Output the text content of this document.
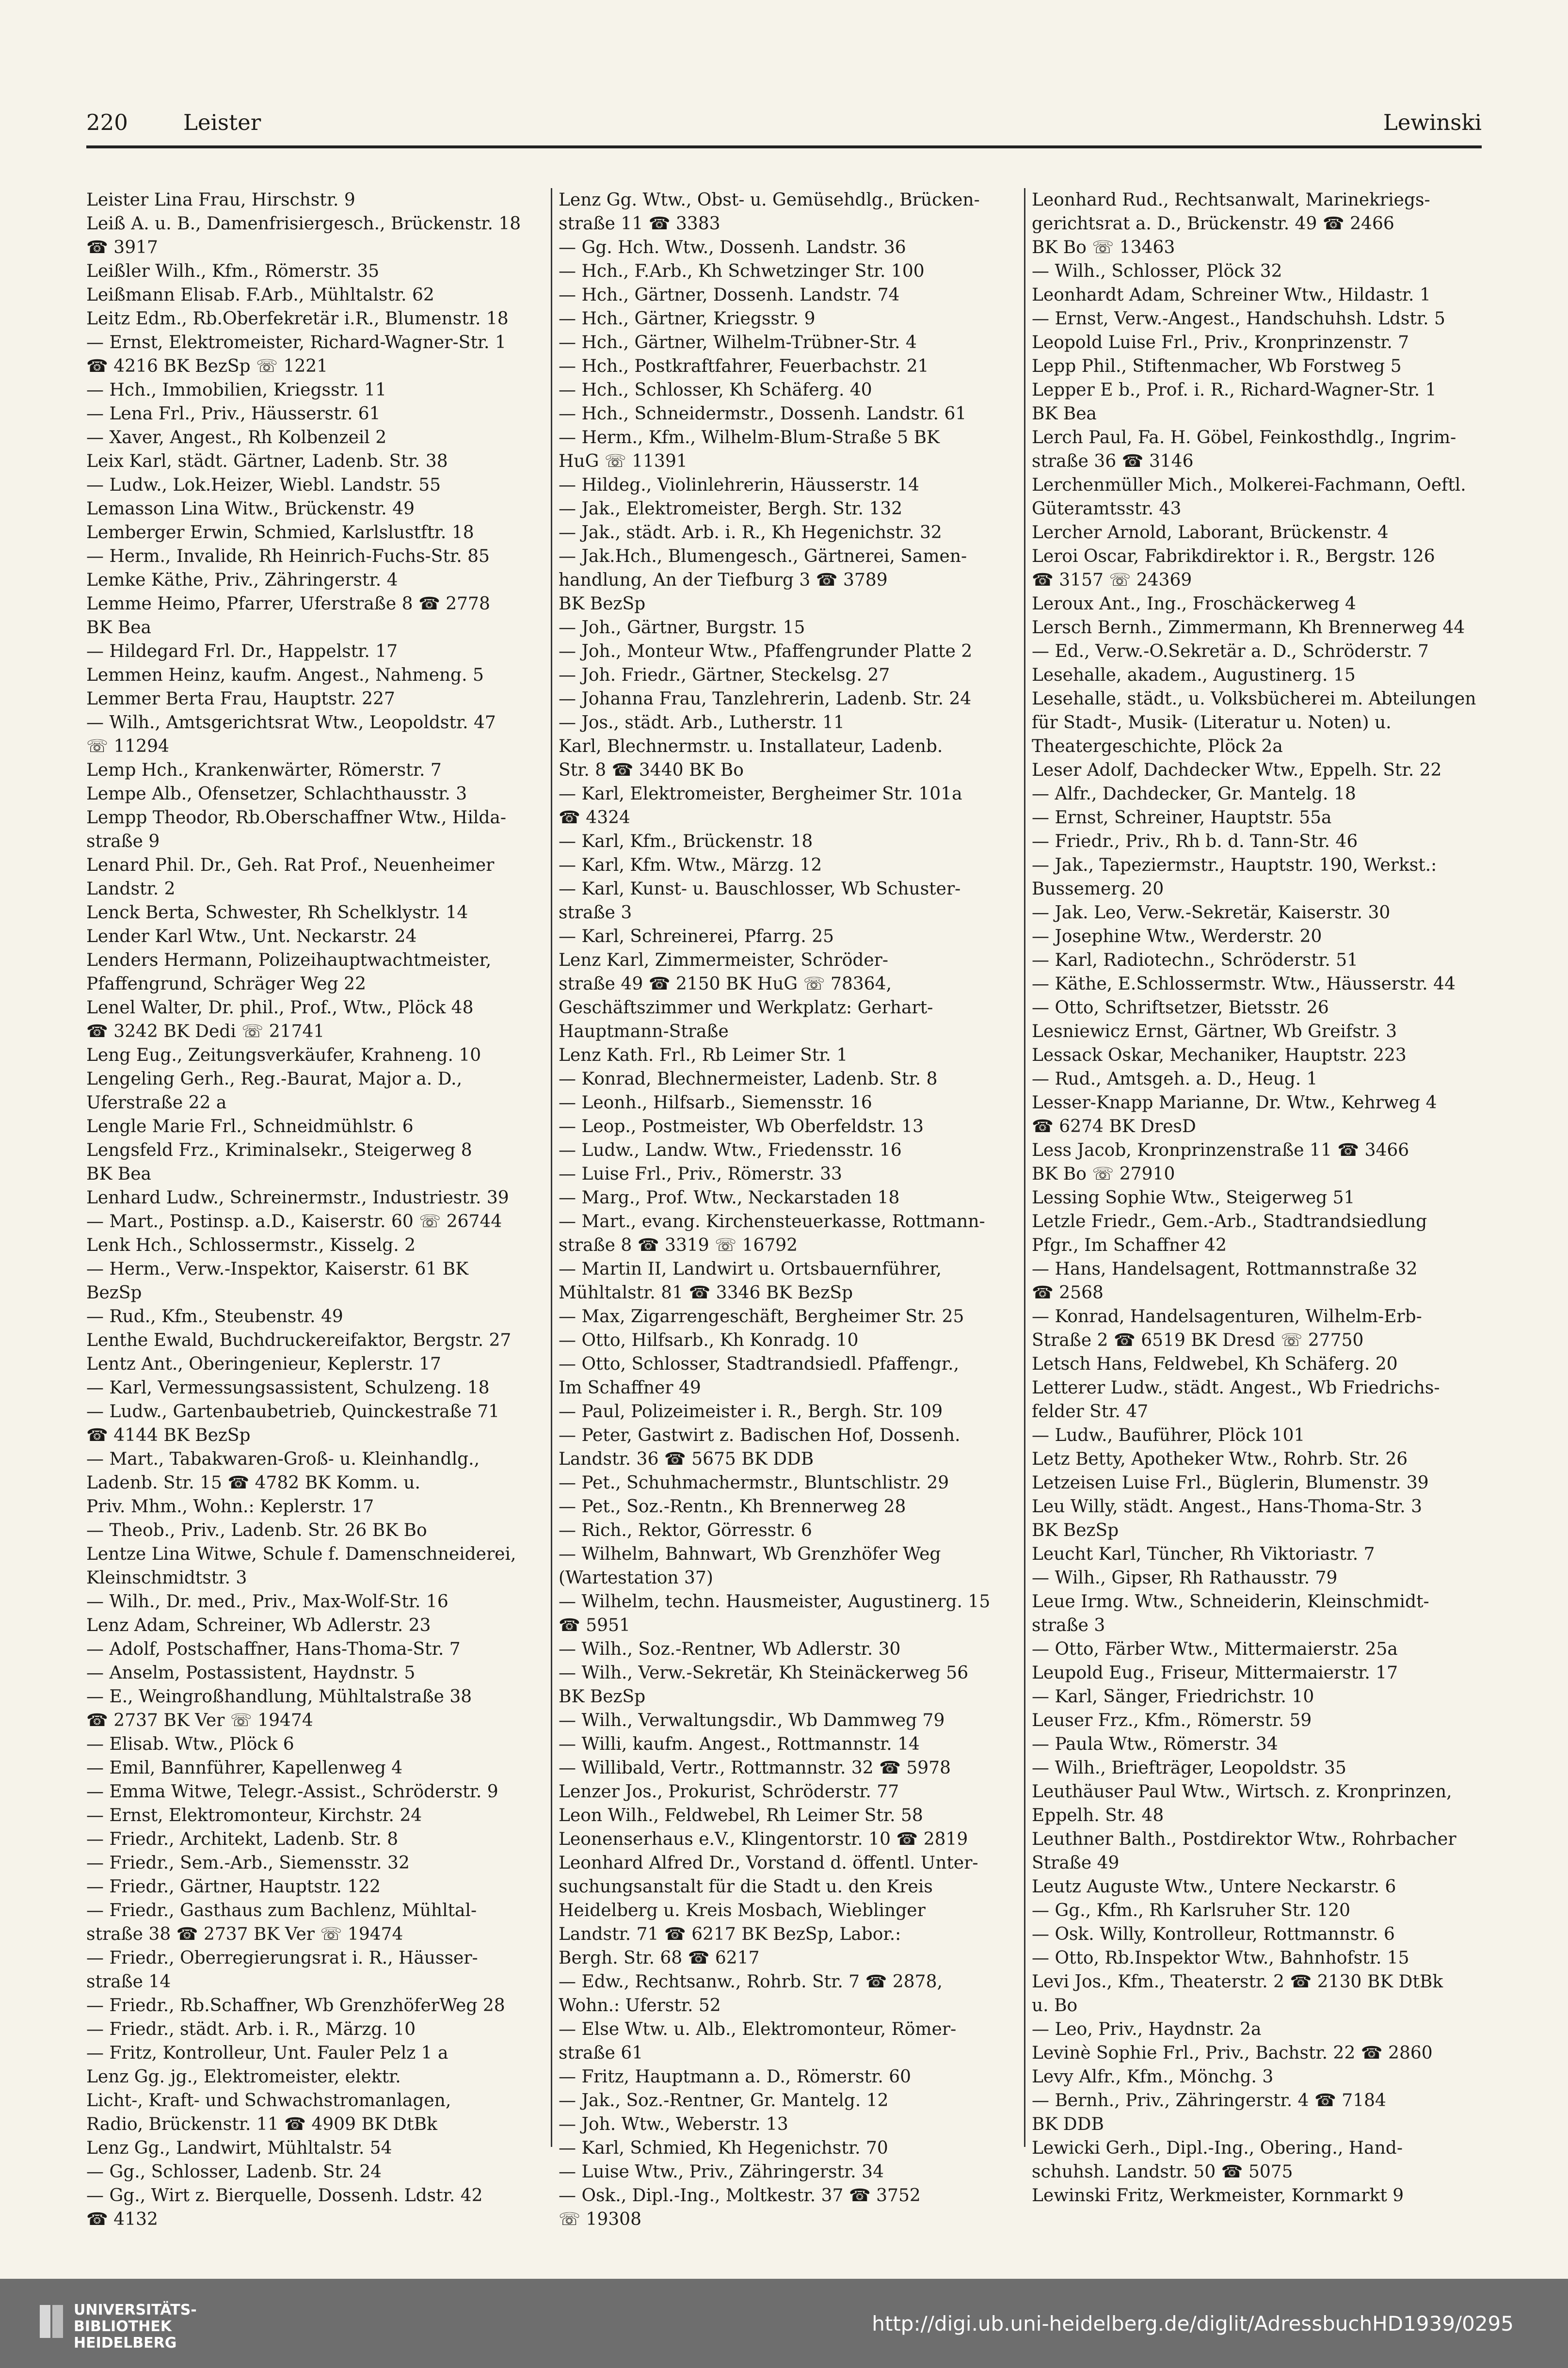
220	Leister	Lewinski
Leister Lina Frau, Hirschstr. 9
Leiß A. u. B., Damenfrisiergesch., Brückenstr. 18
☎ 3917
Leißler Wilh., Kfm., Römerstr. 35
Leißmann Elisab. F.Arb., Mühltalstr. 62
Leitz Edm., Rb.Oberfekretär i.R., Blumenstr. 18
— Ernst, Elektromeister, Richard-Wagner-Str. 1
☎ 4216 BK BezSp ☏ 1221
— Hch., Immobilien, Kriegsstr. 11
— Lena Frl., Priv., Häusserstr. 61
— Xaver, Angest., Rh Kolbenzeil 2
Leix Karl, städt. Gärtner, Ladenb. Str. 38
— Ludw., Lok.Heizer, Wiebl. Landstr. 55
Lemasson Lina Witw., Brückenstr. 49
Lemberger Erwin, Schmied, Karlslustftr. 18
— Herm., Invalide, Rh Heinrich-Fuchs-Str. 85
Lemke Käthe, Priv., Zähringerstr. 4
Lemme Heimo, Pfarrer, Uferstraße 8 ☎ 2778
BK Bea
— Hildegard Frl. Dr., Happelstr. 17
Lemmen Heinz, kaufm. Angest., Nahmeng. 5
Lemmer Berta Frau, Hauptstr. 227
— Wilh., Amtsgerichtsrat Wtw., Leopoldstr. 47
☏ 11294
Lemp Hch., Krankenwärter, Römerstr. 7
Lempe Alb., Ofensetzer, Schlachthausstr. 3
Lempp Theodor, Rb.Oberschaffner Wtw., Hilda-
straße 9
Lenard Phil. Dr., Geh. Rat Prof., Neuenheimer
Landstr. 2
Lenck Berta, Schwester, Rh Schelklystr. 14
Lender Karl Wtw., Unt. Neckarstr. 24
Lenders Hermann, Polizeihauptwachtmeister,
Pfaffengrund, Schräger Weg 22
Lenel Walter, Dr. phil., Prof., Wtw., Plöck 48
☎ 3242 BK Dedi ☏ 21741
Leng Eug., Zeitungsverkäufer, Krahneng. 10
Lengeling Gerh., Reg.-Baurat, Major a. D.,
Uferstraße 22 a
Lengle Marie Frl., Schneidmühlstr. 6
Lengsfeld Frz., Kriminalsekr., Steigerweg 8
BK Bea
Lenhard Ludw., Schreinermstr., Industriestr. 39
— Mart., Postinsp. a.D., Kaiserstr. 60 ☏ 26744
Lenk Hch., Schlossermstr., Kisselg. 2
— Herm., Verw.-Inspektor, Kaiserstr. 61 BK
BezSp
— Rud., Kfm., Steubenstr. 49
Lenthe Ewald, Buchdruckereifaktor, Bergstr. 27
Lentz Ant., Oberingenieur, Keplerstr. 17
— Karl, Vermessungsassistent, Schulzeng. 18
— Ludw., Gartenbaubetrieb, Quinckestraße 71
☎ 4144 BK BezSp
— Mart., Tabakwaren-Groß- u. Kleinhandlg.,
Ladenb. Str. 15 ☎ 4782 BK Komm. u.
Priv. Mhm., Wohn.: Keplerstr. 17
— Theob., Priv., Ladenb. Str. 26 BK Bo
Lentze Lina Witwe, Schule f. Damenschneiderei,
Kleinschmidtstr. 3
— Wilh., Dr. med., Priv., Max-Wolf-Str. 16
Lenz Adam, Schreiner, Wb Adlerstr. 23
— Adolf, Postschaffner, Hans-Thoma-Str. 7
— Anselm, Postassistent, Haydnstr. 5
— E., Weingroßhandlung, Mühltalstraße 38
☎ 2737 BK Ver ☏ 19474
— Elisab. Wtw., Plöck 6
— Emil, Bannführer, Kapellenweg 4
— Emma Witwe, Telegr.-Assist., Schröderstr. 9
— Ernst, Elektromonteur, Kirchstr. 24
— Friedr., Architekt, Ladenb. Str. 8
— Friedr., Sem.-Arb., Siemensstr. 32
— Friedr., Gärtner, Hauptstr. 122
— Friedr., Gasthaus zum Bachlenz, Mühltal-
straße 38 ☎ 2737 BK Ver ☏ 19474
— Friedr., Oberregierungsrat i. R., Häusser-
straße 14
— Friedr., Rb.Schaffner, Wb GrenzhöferWeg 28
— Friedr., städt. Arb. i. R., Märzg. 10
— Fritz, Kontrolleur, Unt. Fauler Pelz 1 a
Lenz Gg. jg., Elektromeister, elektr.
Licht-, Kraft- und Schwachstromanlagen,
Radio, Brückenstr. 11 ☎ 4909 BK DtBk
Lenz Gg., Landwirt, Mühltalstr. 54
— Gg., Schlosser, Ladenb. Str. 24
— Gg., Wirt z. Bierquelle, Dossenh. Ldstr. 42
☎ 4132
Lenz Gg. Wtw., Obst- u. Gemüsehdlg., Brücken-
straße 11 ☎ 3383
— Gg. Hch. Wtw., Dossenh. Landstr. 36
— Hch., F.Arb., Kh Schwetzinger Str. 100
— Hch., Gärtner, Dossenh. Landstr. 74
— Hch., Gärtner, Kriegsstr. 9
— Hch., Gärtner, Wilhelm-Trübner-Str. 4
— Hch., Postkraftfahrer, Feuerbachstr. 21
— Hch., Schlosser, Kh Schäferg. 40
— Hch., Schneidermstr., Dossenh. Landstr. 61
— Herm., Kfm., Wilhelm-Blum-Straße 5 BK
HuG ☏ 11391
— Hildeg., Violinlehrerin, Häusserstr. 14
— Jak., Elektromeister, Bergh. Str. 132
— Jak., städt. Arb. i. R., Kh Hegenichstr. 32
— Jak.Hch., Blumengesch., Gärtnerei, Samen-
handlung, An der Tiefburg 3 ☎ 3789
BK BezSp
— Joh., Gärtner, Burgstr. 15
— Joh., Monteur Wtw., Pfaffengrunder Platte 2
— Joh. Friedr., Gärtner, Steckelsg. 27
— Johanna Frau, Tanzlehrerin, Ladenb. Str. 24
— Jos., städt. Arb., Lutherstr. 11
Karl, Blechnermstr. u. Installateur, Ladenb.
Str. 8 ☎ 3440 BK Bo
— Karl, Elektromeister, Bergheimer Str. 101a
☎ 4324
— Karl, Kfm., Brückenstr. 18
— Karl, Kfm. Wtw., Märzg. 12
— Karl, Kunst- u. Bauschlosser, Wb Schuster-
straße 3
— Karl, Schreinerei, Pfarrg. 25
Lenz Karl, Zimmermeister, Schröder-
straße 49 ☎ 2150 BK HuG ☏ 78364,
Geschäftszimmer und Werkplatz: Gerhart-
Hauptmann-Straße
Lenz Kath. Frl., Rb Leimer Str. 1
— Konrad, Blechnermeister, Ladenb. Str. 8
— Leonh., Hilfsarb., Siemensstr. 16
— Leop., Postmeister, Wb Oberfeldstr. 13
— Ludw., Landw. Wtw., Friedensstr. 16
— Luise Frl., Priv., Römerstr. 33
— Marg., Prof. Wtw., Neckarstaden 18
— Mart., evang. Kirchensteuerkasse, Rottmann-
straße 8 ☎ 3319 ☏ 16792
— Martin II, Landwirt u. Ortsbauernführer,
Mühltalstr. 81 ☎ 3346 BK BezSp
— Max, Zigarrengeschäft, Bergheimer Str. 25
— Otto, Hilfsarb., Kh Konradg. 10
— Otto, Schlosser, Stadtrandsiedl. Pfaffengr.,
Im Schaffner 49
— Paul, Polizeimeister i. R., Bergh. Str. 109
— Peter, Gastwirt z. Badischen Hof, Dossenh.
Landstr. 36 ☎ 5675 BK DDB
— Pet., Schuhmachermstr., Bluntschlistr. 29
— Pet., Soz.-Rentn., Kh Brennerweg 28
— Rich., Rektor, Görresstr. 6
— Wilhelm, Bahnwart, Wb Grenzhöfer Weg
(Wartestation 37)
— Wilhelm, techn. Hausmeister, Augustinerg. 15
☎ 5951
— Wilh., Soz.-Rentner, Wb Adlerstr. 30
— Wilh., Verw.-Sekretär, Kh Steinäckerweg 56
BK BezSp
— Wilh., Verwaltungsdir., Wb Dammweg 79
— Willi, kaufm. Angest., Rottmannstr. 14
— Willibald, Vertr., Rottmannstr. 32 ☎ 5978
Lenzer Jos., Prokurist, Schröderstr. 77
Leon Wilh., Feldwebel, Rh Leimer Str. 58
Leonenserhaus e.V., Klingentorstr. 10 ☎ 2819
Leonhard Alfred Dr., Vorstand d. öffentl. Unter-
suchungsanstalt für die Stadt u. den Kreis
Heidelberg u. Kreis Mosbach, Wieblinger
Landstr. 71 ☎ 6217 BK BezSp, Labor.:
Bergh. Str. 68 ☎ 6217
— Edw., Rechtsanw., Rohrb. Str. 7 ☎ 2878,
Wohn.: Uferstr. 52
— Else Wtw. u. Alb., Elektromonteur, Römer-
straße 61
— Fritz, Hauptmann a. D., Römerstr. 60
— Jak., Soz.-Rentner, Gr. Mantelg. 12
— Joh. Wtw., Weberstr. 13
— Karl, Schmied, Kh Hegenichstr. 70
— Luise Wtw., Priv., Zähringerstr. 34
— Osk., Dipl.-Ing., Moltkestr. 37 ☎ 3752
☏ 19308
Leonhard Rud., Rechtsanwalt, Marinekriegs-
gerichtsrat a. D., Brückenstr. 49 ☎ 2466
BK Bo ☏ 13463
— Wilh., Schlosser, Plöck 32
Leonhardt Adam, Schreiner Wtw., Hildastr. 1
— Ernst, Verw.-Angest., Handschuhsh. Ldstr. 5
Leopold Luise Frl., Priv., Kronprinzenstr. 7
Lepp Phil., Stiftenmacher, Wb Forstweg 5
Lepper E b., Prof. i. R., Richard-Wagner-Str. 1
BK Bea
Lerch Paul, Fa. H. Göbel, Feinkosthdlg., Ingrim-
straße 36 ☎ 3146
Lerchenmüller Mich., Molkerei-Fachmann, Oeftl.
Güteramtsstr. 43
Lercher Arnold, Laborant, Brückenstr. 4
Leroi Oscar, Fabrikdirektor i. R., Bergstr. 126
☎ 3157 ☏ 24369
Leroux Ant., Ing., Froschäckerweg 4
Lersch Bernh., Zimmermann, Kh Brennerweg 44
— Ed., Verw.-O.Sekretär a. D., Schröderstr. 7
Lesehalle, akadem., Augustinerg. 15
Lesehalle, städt., u. Volksbücherei m. Abteilungen
für Stadt-, Musik- (Literatur u. Noten) u.
Theatergeschichte, Plöck 2a
Leser Adolf, Dachdecker Wtw., Eppelh. Str. 22
— Alfr., Dachdecker, Gr. Mantelg. 18
— Ernst, Schreiner, Hauptstr. 55a
— Friedr., Priv., Rh b. d. Tann-Str. 46
— Jak., Tapeziermstr., Hauptstr. 190, Werkst.:
Bussemerg. 20
— Jak. Leo, Verw.-Sekretär, Kaiserstr. 30
— Josephine Wtw., Werderstr. 20
— Karl, Radiotechn., Schröderstr. 51
— Käthe, E.Schlossermstr. Wtw., Häusserstr. 44
— Otto, Schriftsetzer, Bietsstr. 26
Lesniewicz Ernst, Gärtner, Wb Greifstr. 3
Lessack Oskar, Mechaniker, Hauptstr. 223
— Rud., Amtsgeh. a. D., Heug. 1
Lesser-Knapp Marianne, Dr. Wtw., Kehrweg 4
☎ 6274 BK DresD
Less Jacob, Kronprinzenstraße 11 ☎ 3466
BK Bo ☏ 27910
Lessing Sophie Wtw., Steigerweg 51
Letzle Friedr., Gem.-Arb., Stadtrandsiedlung
Pfgr., Im Schaffner 42
— Hans, Handelsagent, Rottmannstraße 32
☎ 2568
— Konrad, Handelsagenturen, Wilhelm-Erb-
Straße 2 ☎ 6519 BK Dresd ☏ 27750
Letsch Hans, Feldwebel, Kh Schäferg. 20
Letterer Ludw., städt. Angest., Wb Friedrichs-
felder Str. 47
— Ludw., Bauführer, Plöck 101
Letz Betty, Apotheker Wtw., Rohrb. Str. 26
Letzeisen Luise Frl., Büglerin, Blumenstr. 39
Leu Willy, städt. Angest., Hans-Thoma-Str. 3
BK BezSp
Leucht Karl, Tüncher, Rh Viktoriastr. 7
— Wilh., Gipser, Rh Rathausstr. 79
Leue Irmg. Wtw., Schneiderin, Kleinschmidt-
straße 3
— Otto, Färber Wtw., Mittermaierstr. 25a
Leupold Eug., Friseur, Mittermaierstr. 17
— Karl, Sänger, Friedrichstr. 10
Leuser Frz., Kfm., Römerstr. 59
— Paula Wtw., Römerstr. 34
— Wilh., Briefträger, Leopoldstr. 35
Leuthäuser Paul Wtw., Wirtsch. z. Kronprinzen,
Eppelh. Str. 48
Leuthner Balth., Postdirektor Wtw., Rohrbacher
Straße 49
Leutz Auguste Wtw., Untere Neckarstr. 6
— Gg., Kfm., Rh Karlsruher Str. 120
— Osk. Willy, Kontrolleur, Rottmannstr. 6
— Otto, Rb.Inspektor Wtw., Bahnhofstr. 15
Levi Jos., Kfm., Theaterstr. 2 ☎ 2130 BK DtBk
u. Bo
— Leo, Priv., Haydnstr. 2a
Levinè Sophie Frl., Priv., Bachstr. 22 ☎ 2860
Levy Alfr., Kfm., Mönchg. 3
— Bernh., Priv., Zähringerstr. 4 ☎ 7184
BK DDB
Lewicki Gerh., Dipl.-Ing., Obering., Hand-
schuhsh. Landstr. 50 ☎ 5075
Lewinski Fritz, Werkmeister, Kornmarkt 9
UNIVERSITÄTS-
BIBLIOTHEK
HEIDELBERG
http://digi.ub.uni-heidelberg.de/diglit/AdressbuchHD1939/0295
